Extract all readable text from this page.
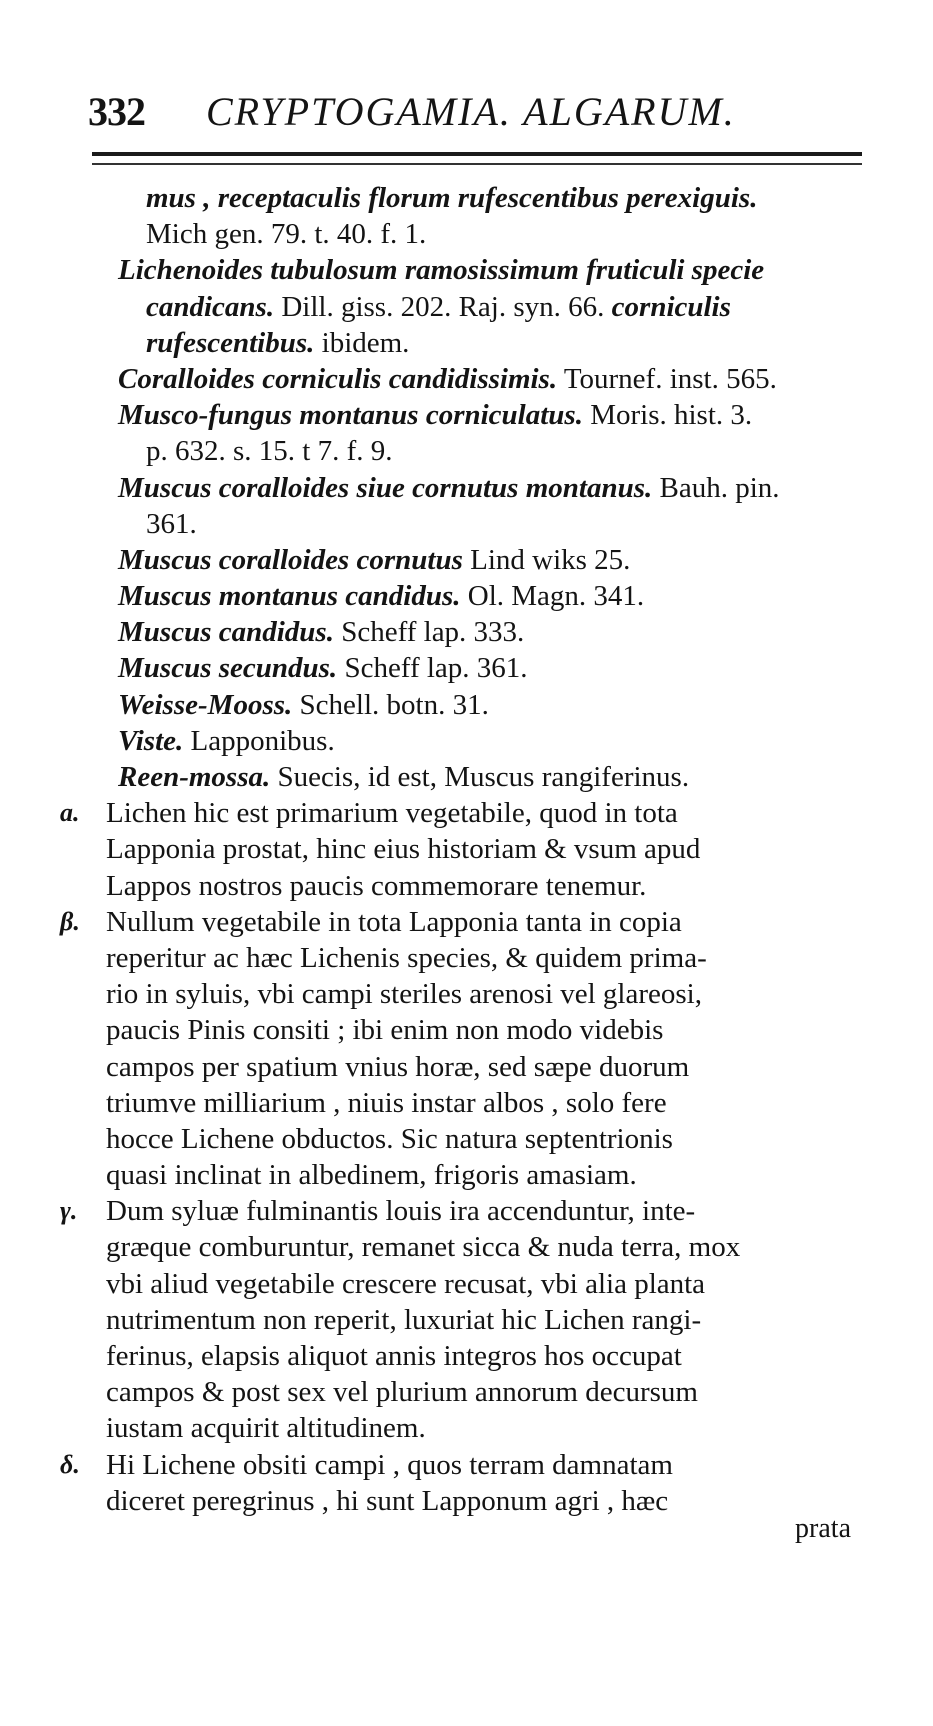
332 CRYPTOGAMIA. ALGARUM.
mus , receptaculis florum rufescentibus perexiguis.
Mich gen. 79. t. 40. f. 1.
Lichenoides tubulosum ramosissimum fruticuli specie
candicans. Dill. giss. 202. Raj. syn. 66. corniculis
rufescentibus. ibidem.
Coralloides corniculis candidissimis. Tournef. inst. 565.
Musco-fungus montanus corniculatus. Moris. hist. 3.
p. 632. s. 15. t 7. f. 9.
Muscus coralloides siue cornutus montanus. Bauh. pin.
361.
Muscus coralloides cornutus Lind wiks 25.
Muscus montanus candidus. Ol. Magn. 341.
Muscus candidus. Scheff lap. 333.
Muscus secundus. Scheff lap. 361.
Weisse-Mooss. Schell. botn. 31.
Viste. Lapponibus.
Reen-mossa. Suecis, id est, Muscus rangiferinus.
a. Lichen hic est primarium vegetabile, quod in tota
Lapponia prostat, hinc eius historiam & vsum apud
Lappos nostros paucis commemorare tenemur.
β. Nullum vegetabile in tota Lapponia tanta in copia
reperitur ac hæc Lichenis species, & quidem prima-
rio in syluis, vbi campi steriles arenosi vel glareosi,
paucis Pinis consiti ; ibi enim non modo videbis
campos per spatium vnius horæ, sed sæpe duorum
triumve milliarium , niuis instar albos , solo fere
hocce Lichene obductos. Sic natura septentrionis
quasi inclinat in albedinem, frigoris amasiam.
γ. Dum syluæ fulminantis louis ira accenduntur, inte-
græque comburuntur, remanet sicca & nuda terra, mox
vbi aliud vegetabile crescere recusat, vbi alia planta
nutrimentum non reperit, luxuriat hic Lichen rangi-
ferinus, elapsis aliquot annis integros hos occupat
campos & post sex vel plurium annorum decursum
iustam acquirit altitudinem.
δ. Hi Lichene obsiti campi , quos terram damnatam
diceret peregrinus , hi sunt Lapponum agri , hæc
prata
